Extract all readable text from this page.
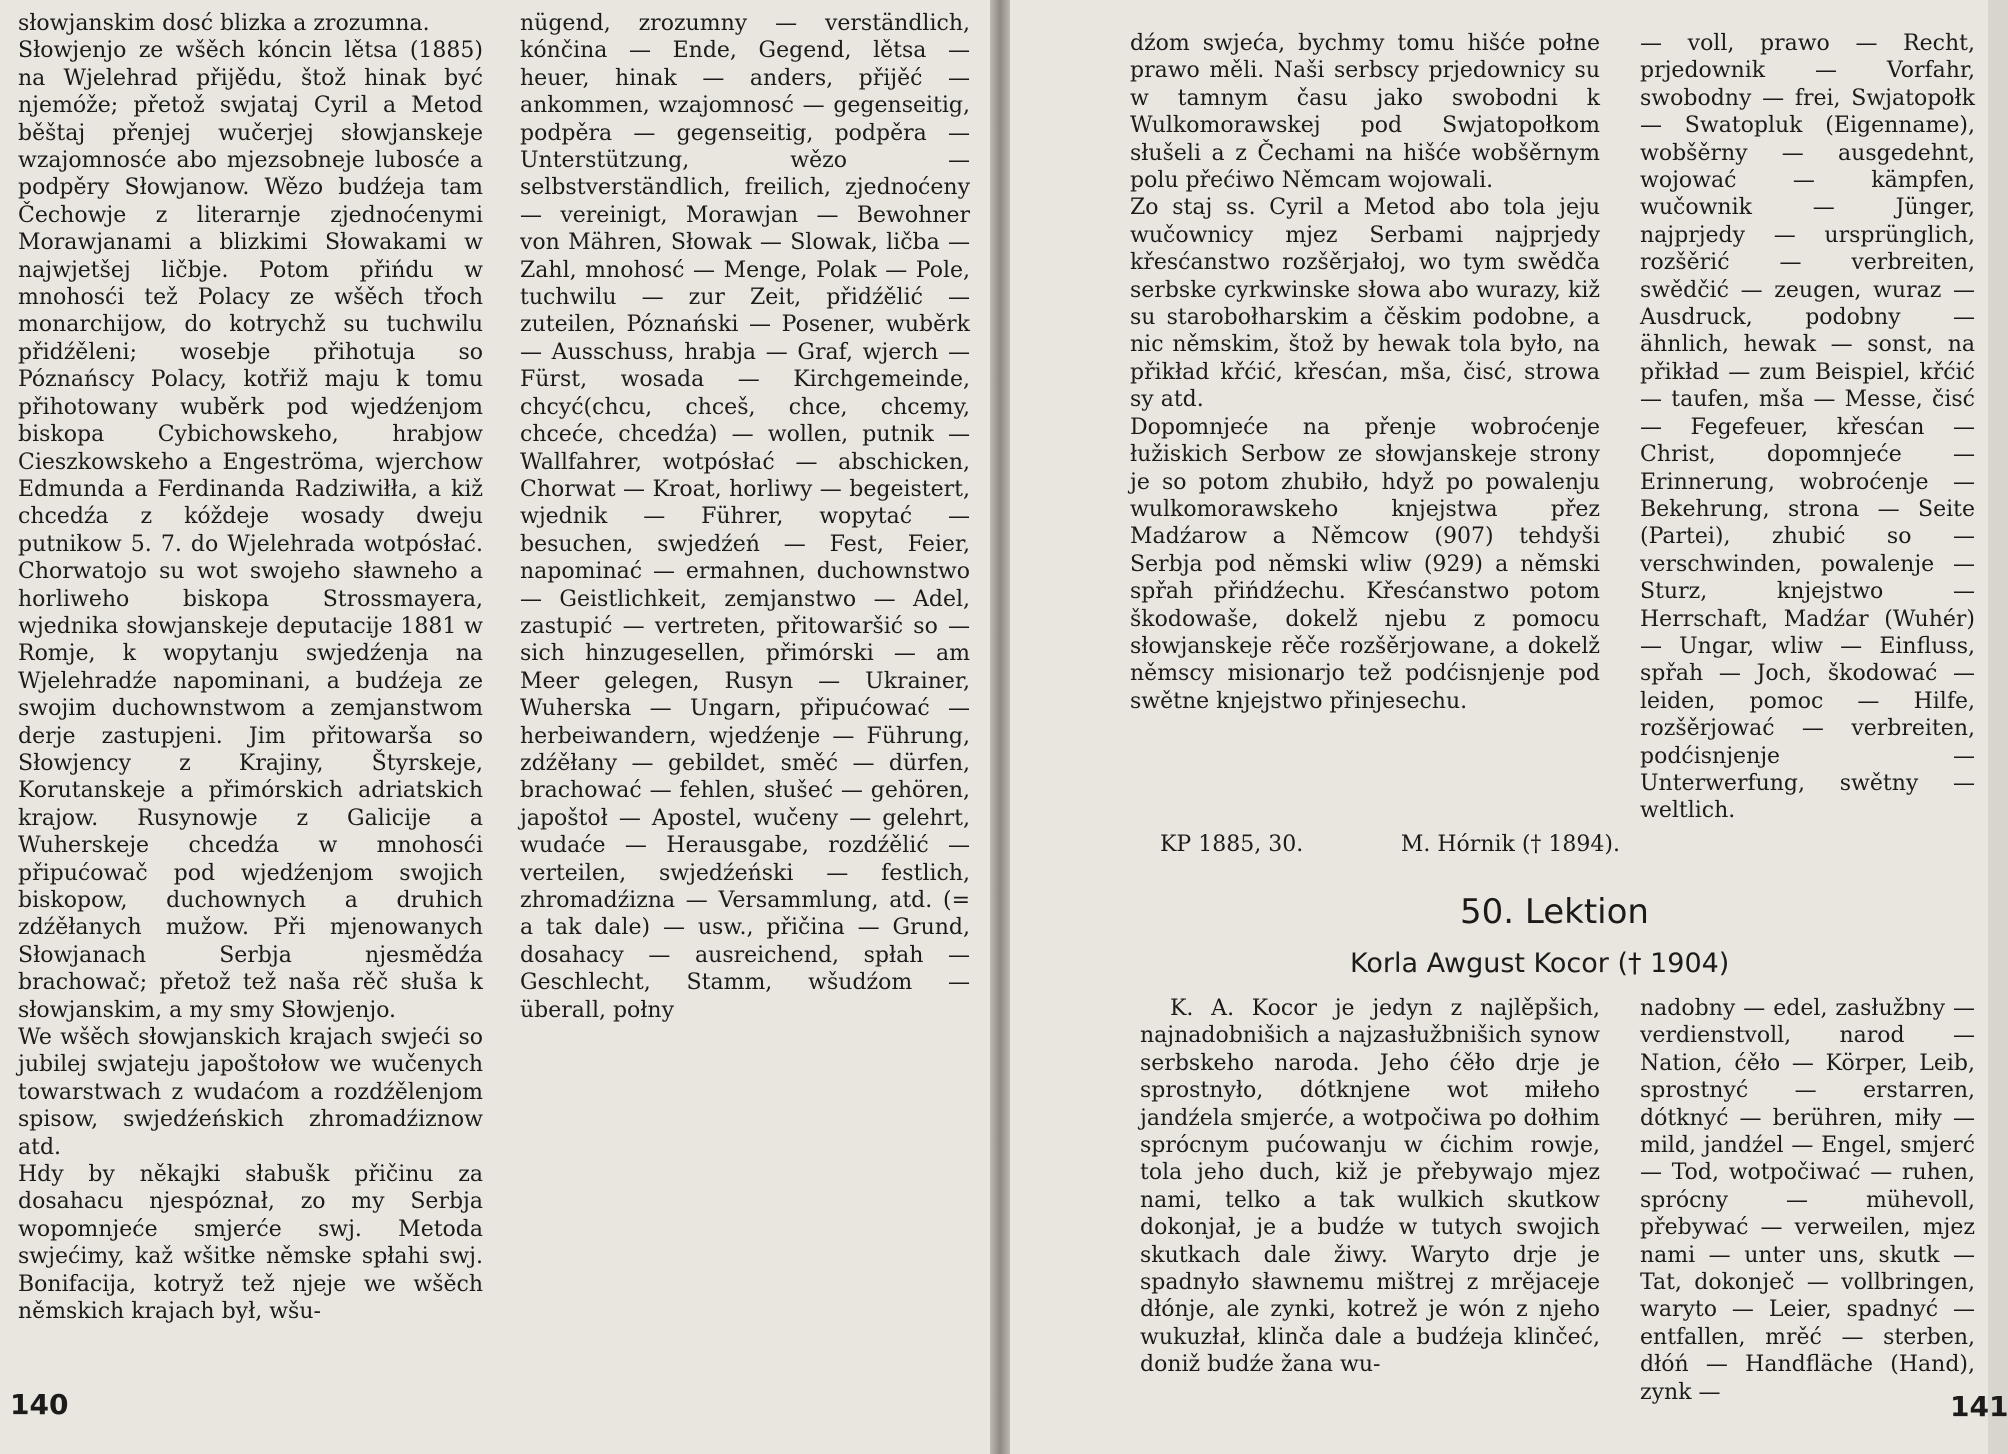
słowjanskim dosć blizka a zrozumna.

Słowjenjo ze wšěch kóncin lětsa (1885) na Wjelehrad přijědu, štož hinak być njemóže; přetož swjataj Cyril a Metod běštaj přenjej wučerjej słowjanskeje wzajomnosće abo mjezsobneje lubosće a podpěry Słowjanow. Wězo budźeja tam Čechowje z literarnje zjednoćenymi Morawjanami a blizkimi Słowakami w najwjetšej ličbje. Potom přińdu w mnohosći tež Polacy ze wšěch třoch monarchijow, do kotrychž su tuchwilu přidźěleni; wosebje přihotuja so Póznańscy Polacy, kotřiž maju k tomu přihotowany wuběrk pod wjedźenjom biskopa Cybichowskeho, hrabjow Cieszkowskeho a Engeströma, wjerchow Edmunda a Ferdinanda Radziwiłła, a kiž chcedźa z kóždeje wosady dweju putnikow 5. 7. do Wjelehrada wotpósłać. Chorwatojo su wot swojeho sławneho a horliweho biskopa Strossmayera, wjednika słowjanskeje deputacije 1881 w Romje, k wopytanju swjedźenja na Wjelehradźe napominani, a budźeja ze swojim duchownstwom a zemjanstwom derje zastupjeni. Jim přitowarša so Słowjency z Krajiny, Štyrskeje, Korutanskeje a přimórskich adriatskich krajow. Rusynowje z Galicije a Wuherskeje chcedźa w mnohosći připućowač pod wjedźenjom swojich biskopow, duchownych a druhich zdźěłanych mužow. Při mjenowanych Słowjanach Serbja njesmědźa brachowač; přetož tež naša rěč słuša k słowjanskim, a my smy Słowjenjo.

We wšěch słowjanskich krajach swjeći so jubilej swjateju japoštołow we wučenych towarstwach z wudaćom a rozdźělenjom spisow, swjedźeńskich zhromadźiznow atd.

Hdy by někajki słabušk přičinu za dosahacu njespóznał, zo my Serbja wopomnjeće smjerće swj. Metoda swjećimy, kaž wšitke němske spłahi swj. Bonifacija, kotryž tež njeje we wšěch němskich krajach był, wšu-

nügend, zrozumny — verständlich, kónčina — Ende, Gegend, lětsa — heuer, hinak — anders, přijěć — ankommen, wzajomnosć — gegenseitig, podpěra — gegenseitig, podpěra — Unterstützung, wězo — selbstverständlich, freilich, zjednoćeny — vereinigt, Morawjan — Bewohner von Mähren, Słowak — Slowak, ličba — Zahl, mnohosć — Menge, Polak — Pole, tuchwilu — zur Zeit, přidźělić — zuteilen, Póznański — Posener, wuběrk — Ausschuss, hrabja — Graf, wjerch — Fürst, wosada — Kirchgemeinde, chcyć(chcu, chceš, chce, chcemy, chceće, chcedźa) — wollen, putnik — Wallfahrer, wotpósłać — abschicken, Chorwat — Kroat, horliwy — begeistert, wjednik — Führer, wopytać — besuchen, swjedźeń — Fest, Feier, napominać — ermahnen, duchownstwo — Geistlichkeit, zemjanstwo — Adel, zastupić — vertreten, přitowaršić so — sich hinzugesellen, přimórski — am Meer gelegen, Rusyn — Ukrainer, Wuherska — Ungarn, připućować — herbeiwandern, wjedźenje — Führung, zdźěłany — gebildet, směć — dürfen, brachować — fehlen, słušeć — gehören, japoštoł — Apostel, wučeny — gelehrt, wudaće — Herausgabe, rozdźělić — verteilen, swjedźeński — festlich, zhromadźizna — Versammlung, atd. (= a tak dale) — usw., přičina — Grund, dosahacy — ausreichend, spłah — Geschlecht, Stamm, wšudźom — überall, połny

140

dźom swjeća, bychmy tomu hišće połne prawo měli. Naši serbscy prjedownicy su w tamnym času jako swobodni k Wulkomorawskej pod Swjatopołkom słušeli a z Čechami na hišće wobšěrnym polu přećiwo Němcam wojowali.

Zo staj ss. Cyril a Metod abo tola jeju wučownicy mjez Serbami najprjedy křesćanstwo rozšěrjałoj, wo tym swědča serbske cyrkwinske słowa abo wurazy, kiž su starobołharskim a čěskim podobne, a nic němskim, štož by hewak tola było, na přikład křćić, křesćan, mša, čisć, strowa sy atd.

Dopomnjeće na přenje wobroćenje łužiskich Serbow ze słowjanskeje strony je so potom zhubiło, hdyž po powalenju wulkomorawskeho knjejstwa přez Madźarow a Němcow (907) tehdyši Serbja pod němski wliw (929) a němski spřah přińdźechu. Křesćanstwo potom škodowaše, dokelž njebu z pomocu słowjanskeje rěče rozšěrjowane, a dokelž němscy misionarjo tež podćisnjenje pod swětne knjejstwo přinjesechu.

— voll, prawo — Recht, prjedownik — Vorfahr, swobodny — frei, Swjatopołk — Swatopluk (Eigenname), wobšěrny — ausgedehnt, wojować — kämpfen, wučownik — Jünger, najprjedy — ursprünglich, rozšěrić — verbreiten, swědčić — zeugen, wuraz — Ausdruck, podobny — ähnlich, hewak — sonst, na přikład — zum Beispiel, křćić — taufen, mša — Messe, čisć — Fegefeuer, křesćan — Christ, dopomnjeće — Erinnerung, wobroćenje — Bekehrung, strona — Seite (Partei), zhubić so — verschwinden, powalenje — Sturz, knjejstwo — Herrschaft, Madźar (Wuhér) — Ungar, wliw — Einfluss, spřah — Joch, škodować — leiden, pomoc — Hilfe, rozšěrjować — verbreiten, podćisnjenje — Unterwerfung, swětny — weltlich.

KP 1885, 30.	M. Hórnik († 1894).
50. Lektion
Korla Awgust Kocor († 1904)

K. A. Kocor je jedyn z najlěpšich, najnadobnišich a najzasłužbnišich synow serbskeho naroda. Jeho ćěło drje je sprostnyło, dótknjene wot miłeho jandźela smjerće, a wotpočiwa po dołhim sprócnym pućowanju w ćichim rowje, tola jeho duch, kiž je přebywajo mjez nami, telko a tak wulkich skutkow dokonjał, je a budźe w tutych swojich skutkach dale žiwy. Waryto drje je spadnyło sławnemu mištrej z mrějaceje dłónje, ale zynki, kotrež je wón z njeho wukuzłał, klinča dale a budźeja klinčeć, doniž budźe žana wu-

nadobny — edel, zasłužbny — verdienstvoll, narod — Nation, ćěło — Körper, Leib, sprostnyć — erstarren, dótknyć — berühren, miły — mild, jandźel — Engel, smjerć — Tod, wotpočiwać — ruhen, sprócny — mühevoll, přebywać — verweilen, mjez nami — unter uns, skutk — Tat, dokonječ — vollbringen, waryto — Leier, spadnyć — entfallen, mrěć — sterben, dłóń — Handfläche (Hand), zynk —	141
